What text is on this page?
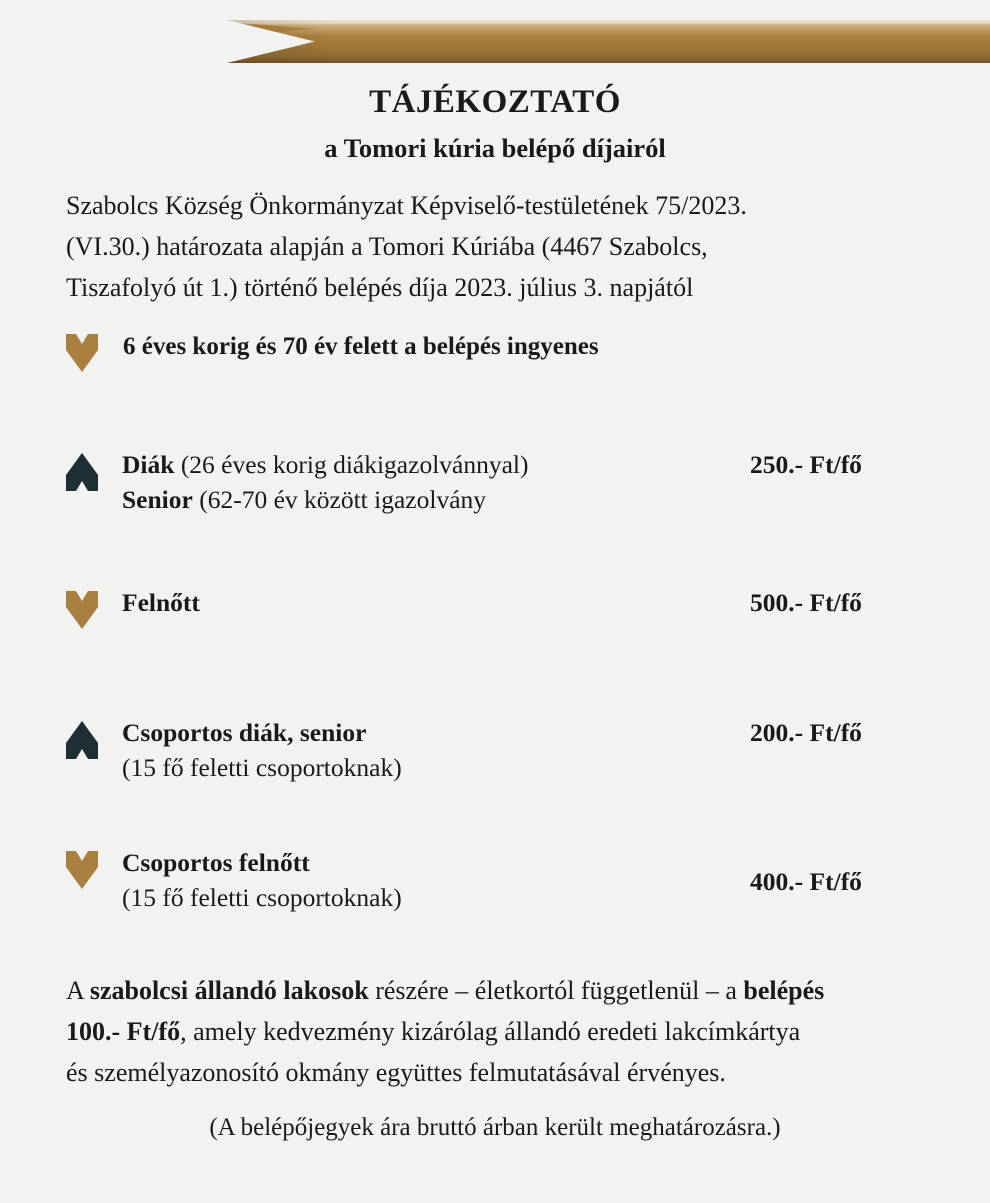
TÁJÉKOZTATÓ
a Tomori kúria belépő díjairól
Szabolcs Község Önkormányzat Képviselő-testületének 75/2023.
(VI.30.) határozata alapján a Tomori Kúriába (4467 Szabolcs,
Tiszafolyó út 1.) történő belépés díja 2023. július 3. napjától
6 éves korig és 70 év felett a belépés ingyenes
Diák (26 éves korig diákigazolvánnyal)
Senior (62-70 év között igazolvány
250.- Ft/fő
Felnőtt	500.- Ft/fő
Csoportos diák, senior
(15 fő feletti csoportoknak)
200.- Ft/fő
Csoportos felnőtt
(15 fő feletti csoportoknak)
400.- Ft/fő
A szabolcsi állandó lakosok részére – életkortól függetlenül – a belépés
100.- Ft/fő, amely kedvezmény kizárólag állandó eredeti lakcímkártya
és személyazonosító okmány együttes felmutatásával érvényes.
(A belépőjegyek ára bruttó árban került meghatározásra.)
